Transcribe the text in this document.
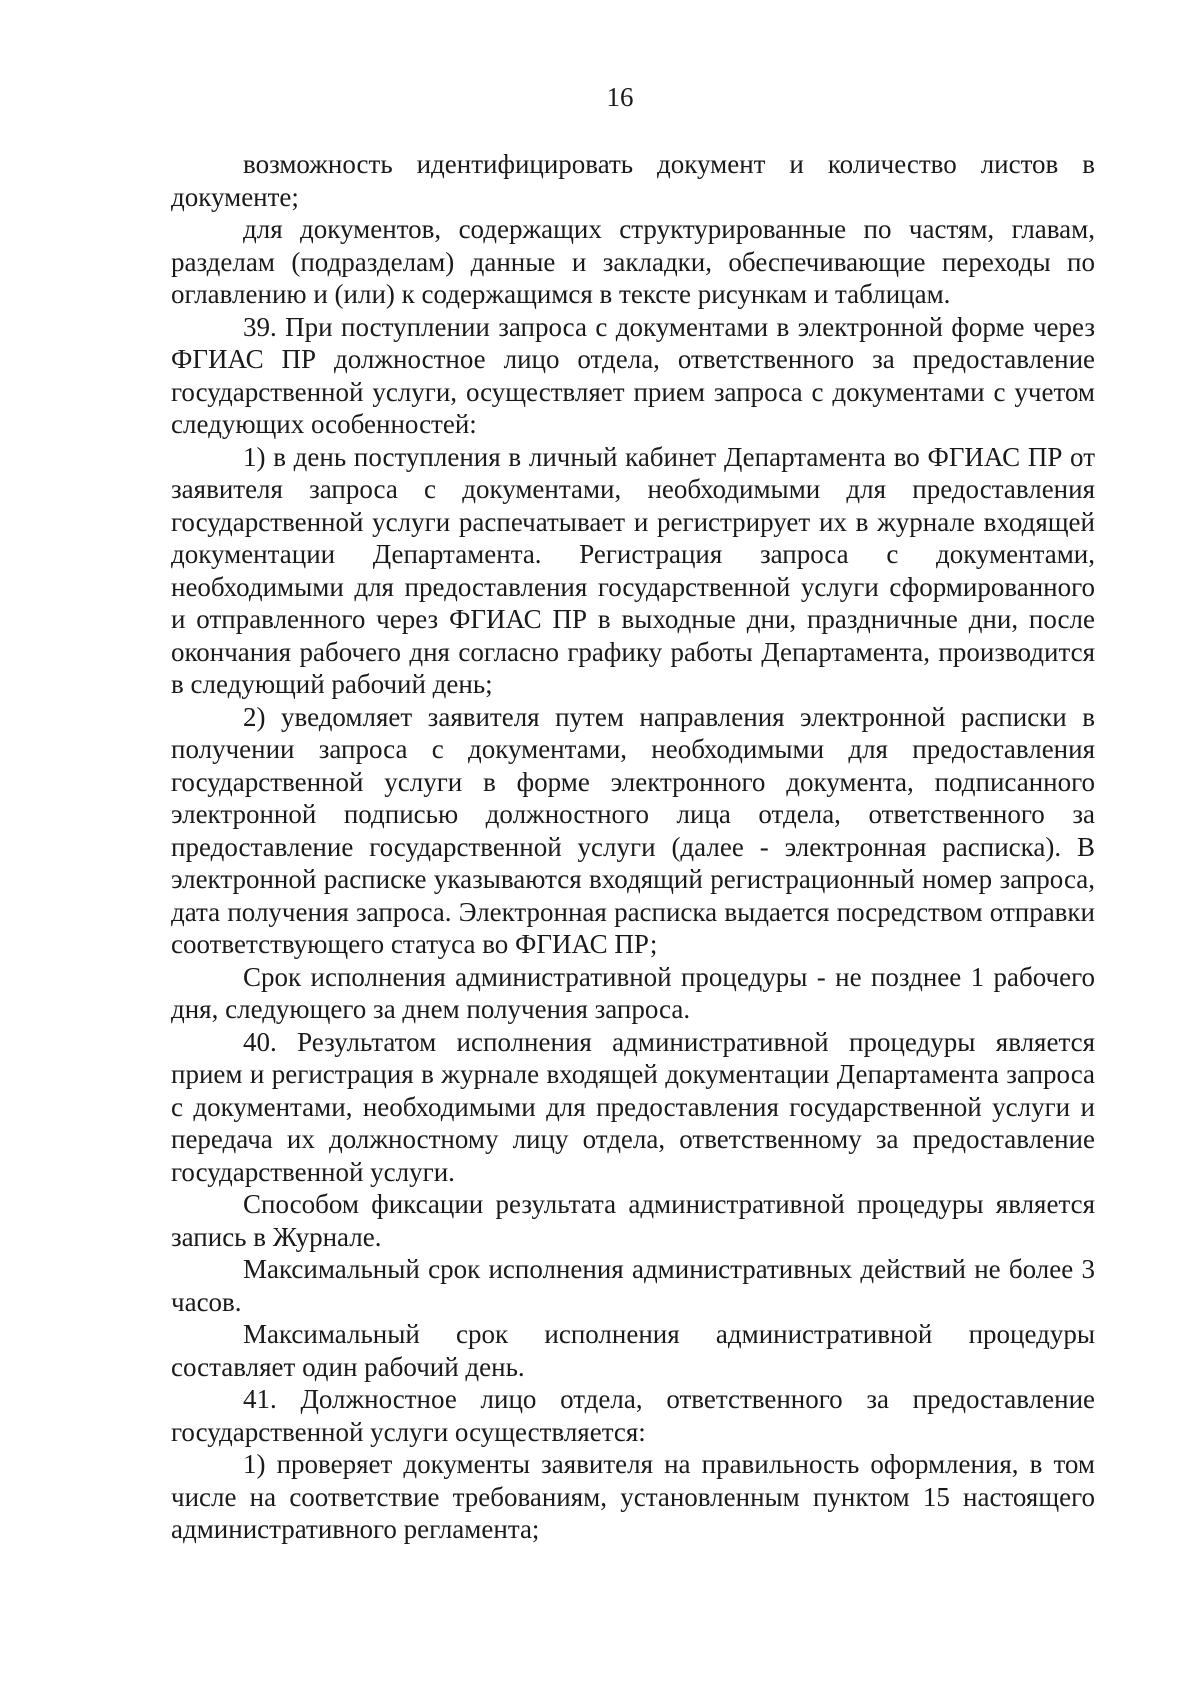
16

возможность идентифицировать документ и количество листов в документе;

для документов, содержащих структурированные по частям, главам, разделам (подразделам) данные и закладки, обеспечивающие переходы по оглавлению и (или) к содержащимся в тексте рисункам и таблицам.

39. При поступлении запроса с документами в электронной форме через ФГИАС ПР должностное лицо отдела, ответственного за предоставление государственной услуги, осуществляет прием запроса с документами с учетом следующих особенностей:

1) в день поступления в личный кабинет Департамента во ФГИАС ПР от заявителя запроса с документами, необходимыми для предоставления государственной услуги распечатывает и регистрирует их в журнале входящей документации Департамента. Регистрация запроса с документами, необходимыми для предоставления государственной услуги сформированного и отправленного через ФГИАС ПР в выходные дни, праздничные дни, после окончания рабочего дня согласно графику работы Департамента, производится в следующий рабочий день;

2) уведомляет заявителя путем направления электронной расписки в получении запроса с документами, необходимыми для предоставления государственной услуги в форме электронного документа, подписанного электронной подписью должностного лица отдела, ответственного за предоставление государственной услуги (далее - электронная расписка). В электронной расписке указываются входящий регистрационный номер запроса, дата получения запроса. Электронная расписка выдается посредством отправки соответствующего статуса во ФГИАС ПР;

Срок исполнения административной процедуры - не позднее 1 рабочего дня, следующего за днем получения запроса.

40. Результатом исполнения административной процедуры является прием и регистрация в журнале входящей документации Департамента запроса с документами, необходимыми для предоставления государственной услуги и передача их должностному лицу отдела, ответственному за предоставление государственной услуги.

Способом фиксации результата административной процедуры является запись в Журнале.

Максимальный срок исполнения административных действий не более 3 часов.

Максимальный срок исполнения административной процедуры составляет один рабочий день.

41. Должностное лицо отдела, ответственного за предоставление государственной услуги осуществляется:

1) проверяет документы заявителя на правильность оформления, в том числе на соответствие требованиям, установленным пунктом 15 настоящего административного регламента;
